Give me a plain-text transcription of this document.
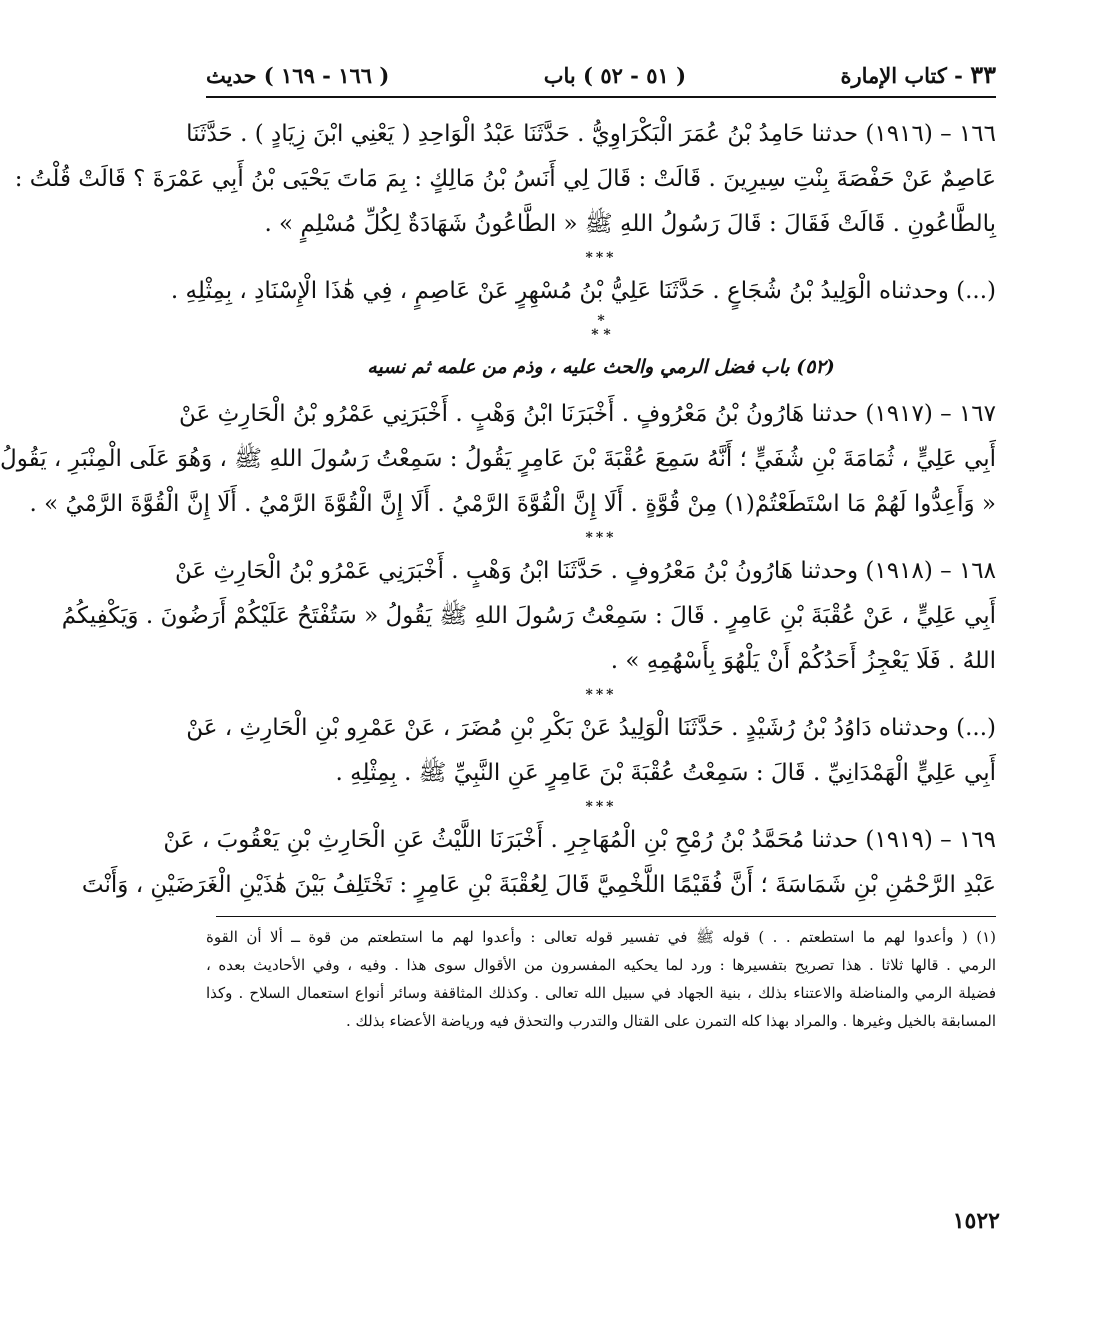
٣٣ - كتاب الإمارة
( ٥١ - ٥٢ ) باب
( ١٦٦ - ١٦٩ ) حديث
١٦٦ – (١٩١٦) حدثنا حَامِدُ بْنُ عُمَرَ الْبَكْرَاوِيُّ . حَدَّثَنَا عَبْدُ الْوَاحِدِ ( يَعْنِي ابْنَ زِيَادٍ ) . حَدَّثَنَا
عَاصِمٌ عَنْ حَفْصَةَ بِنْتِ سِيرِينَ . قَالَتْ : قَالَ لِي أَنَسُ بْنُ مَالِكٍ : بِمَ مَاتَ يَحْيَى بْنُ أَبِي عَمْرَةَ ؟ قَالَتْ قُلْتُ :
بِالطَّاعُونِ . قَالَتْ فَقَالَ : قَالَ رَسُولُ اللهِ ﷺ « الطَّاعُونُ شَهَادَةٌ لِكُلِّ مُسْلِمٍ » .
***
(...) وحدثناه الْوَلِيدُ بْنُ شُجَاعٍ . حَدَّثَنَا عَلِيُّ بْنُ مُسْهِرٍ عَنْ عَاصِمٍ ، فِي هَٰذَا الْإِسْنَادِ ، بِمِثْلِهِ .
*
* *
(٥٢) باب فضل الرمي والحث عليه ، وذم من علمه ثم نسيه
١٦٧ – (١٩١٧) حدثنا هَارُونُ بْنُ مَعْرُوفٍ . أَخْبَرَنَا ابْنُ وَهْبٍ . أَخْبَرَنِي عَمْرُو بْنُ الْحَارِثِ عَنْ
أَبِي عَلِيٍّ ، ثُمَامَةَ بْنِ شُفَيٍّ ؛ أَنَّهُ سَمِعَ عُقْبَةَ بْنَ عَامِرٍ يَقُولُ : سَمِعْتُ رَسُولَ اللهِ ﷺ ، وَهُوَ عَلَى الْمِنْبَرِ ، يَقُولُ
« وَأَعِدُّوا لَهُمْ مَا اسْتَطَعْتُمْ(١) مِنْ قُوَّةٍ . أَلَا إِنَّ الْقُوَّةَ الرَّمْيُ . أَلَا إِنَّ الْقُوَّةَ الرَّمْيُ . أَلَا إِنَّ الْقُوَّةَ الرَّمْيُ » .
***
١٦٨ – (١٩١٨) وحدثنا هَارُونُ بْنُ مَعْرُوفٍ . حَدَّثَنَا ابْنُ وَهْبٍ . أَخْبَرَنِي عَمْرُو بْنُ الْحَارِثِ عَنْ
أَبِي عَلِيٍّ ، عَنْ عُقْبَةَ بْنِ عَامِرٍ . قَالَ : سَمِعْتُ رَسُولَ اللهِ ﷺ يَقُولُ « سَتُفْتَحُ عَلَيْكُمْ أَرَضُونَ . وَيَكْفِيكُمُ
اللهُ . فَلَا يَعْجِزُ أَحَدُكُمْ أَنْ يَلْهُوَ بِأَسْهُمِهِ » .
***
(...) وحدثناه دَاوُدُ بْنُ رُشَيْدٍ . حَدَّثَنَا الْوَلِيدُ عَنْ بَكْرِ بْنِ مُضَرَ ، عَنْ عَمْرِو بْنِ الْحَارِثِ ، عَنْ
أَبِي عَلِيٍّ الْهَمْدَانِيِّ . قَالَ : سَمِعْتُ عُقْبَةَ بْنَ عَامِرٍ عَنِ النَّبِيِّ ﷺ . بِمِثْلِهِ .
***
١٦٩ – (١٩١٩) حدثنا مُحَمَّدُ بْنُ رُمْحِ بْنِ الْمُهَاجِرِ . أَخْبَرَنَا اللَّيْثُ عَنِ الْحَارِثِ بْنِ يَعْقُوبَ ، عَنْ
عَبْدِ الرَّحْمَٰنِ بْنِ شَمَاسَةَ ؛ أَنَّ فُقَيْمًا اللَّخْمِيَّ قَالَ لِعُقْبَةَ بْنِ عَامِرٍ : تَخْتَلِفُ بَيْنَ هَٰذَيْنِ الْغَرَضَيْنِ ، وَأَنْتَ
(١) ( وأعدوا لهم ما استطعتم . . ) قوله ﷺ في تفسير قوله تعالى : وأعدوا لهم ما استطعتم من قوة ــ ألا أن القوة
الرمي . قالها ثلاثا . هذا تصريح بتفسيرها : ورد لما يحكيه المفسرون من الأقوال سوى هذا . وفيه ، وفي الأحاديث بعده ،
فضيلة الرمي والمناضلة والاعتناء بذلك ، بنية الجهاد في سبيل الله تعالى . وكذلك المثاقفة وسائر أنواع استعمال السلاح . وكذا
المسابقة بالخيل وغيرها . والمراد بهذا كله التمرن على القتال والتدرب والتحذق فيه ورياضة الأعضاء بذلك .
١٥٢٢
